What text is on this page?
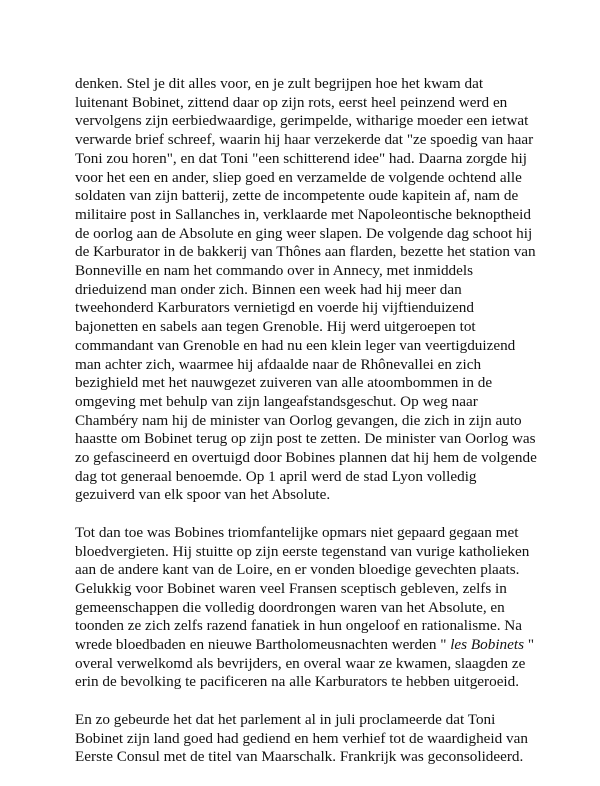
denken. Stel je dit alles voor, en je zult begrijpen hoe het kwam dat
luitenant Bobinet, zittend daar op zijn rots, eerst heel peinzend werd en
vervolgens zijn eerbiedwaardige, gerimpelde, witharige moeder een ietwat
verwarde brief schreef, waarin hij haar verzekerde dat "ze spoedig van haar
Toni zou horen", en dat Toni "een schitterend idee" had. Daarna zorgde hij
voor het een en ander, sliep goed en verzamelde de volgende ochtend alle
soldaten van zijn batterij, zette de incompetente oude kapitein af, nam de
militaire post in Sallanches in, verklaarde met Napoleontische beknoptheid
de oorlog aan de Absolute en ging weer slapen. De volgende dag schoot hij
de Karburator in de bakkerij van Thônes aan flarden, bezette het station van
Bonneville en nam het commando over in Annecy, met inmiddels
drieduizend man onder zich. Binnen een week had hij meer dan
tweehonderd Karburators vernietigd en voerde hij vijftienduizend
bajonetten en sabels aan tegen Grenoble. Hij werd uitgeroepen tot
commandant van Grenoble en had nu een klein leger van veertigduizend
man achter zich, waarmee hij afdaalde naar de Rhônevallei en zich
bezighield met het nauwgezet zuiveren van alle atoombommen in de
omgeving met behulp van zijn langeafstandsgeschut. Op weg naar
Chambéry nam hij de minister van Oorlog gevangen, die zich in zijn auto
haastte om Bobinet terug op zijn post te zetten. De minister van Oorlog was
zo gefascineerd en overtuigd door Bobines plannen dat hij hem de volgende
dag tot generaal benoemde. Op 1 april werd de stad Lyon volledig
gezuiverd van elk spoor van het Absolute.

Tot dan toe was Bobines triomfantelijke opmars niet gepaard gegaan met
bloedvergieten. Hij stuitte op zijn eerste tegenstand van vurige katholieken
aan de andere kant van de Loire, en er vonden bloedige gevechten plaats.
Gelukkig voor Bobinet waren veel Fransen sceptisch gebleven, zelfs in
gemeenschappen die volledig doordrongen waren van het Absolute, en
toonden ze zich zelfs razend fanatiek in hun ongeloof en rationalisme. Na
wrede bloedbaden en nieuwe Bartholomeusnachten werden " les Bobinets "
overal verwelkomd als bevrijders, en overal waar ze kwamen, slaagden ze
erin de bevolking te pacificeren na alle Karburators te hebben uitgeroeid.

En zo gebeurde het dat het parlement al in juli proclameerde dat Toni
Bobinet zijn land goed had gediend en hem verhief tot de waardigheid van
Eerste Consul met de titel van Maarschalk. Frankrijk was geconsolideerd.
